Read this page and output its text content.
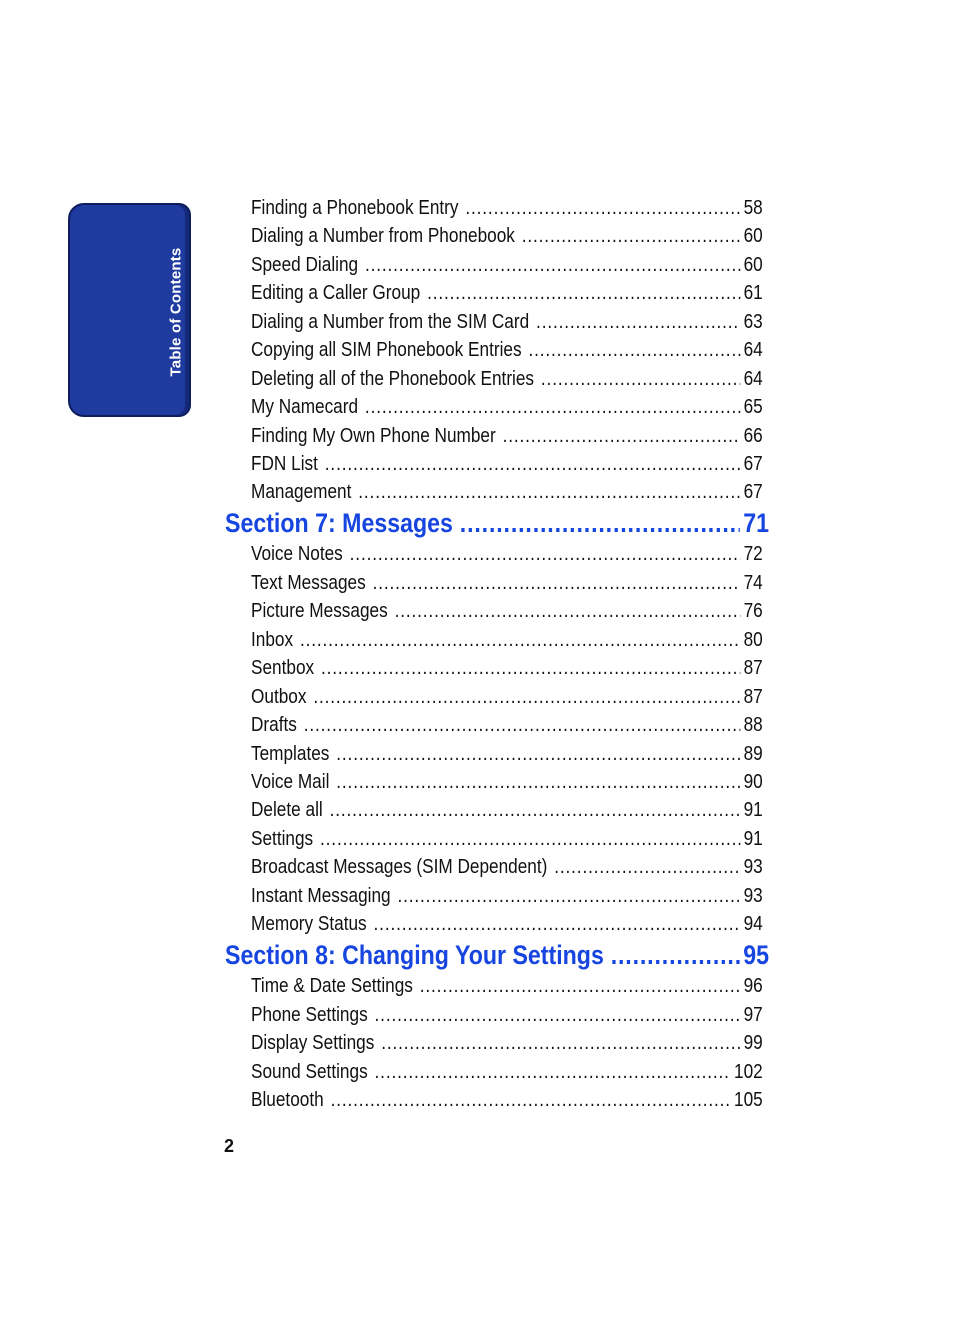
Table of Contents
Finding a Phonebook Entry .....	58
Dialing a Number from Phonebook .....	60
Speed Dialing .....	60
Editing a Caller Group .....	61
Dialing a Number from the SIM Card .....	63
Copying all SIM Phonebook Entries .....	64
Deleting all of the Phonebook Entries .....	64
My Namecard .....	65
Finding My Own Phone Number .....	66
FDN List .....	67
Management .....	67
Section 7: Messages .....	71
Voice Notes .....	72
Text Messages .....	74
Picture Messages .....	76
Inbox .....	80
Sentbox .....	87
Outbox .....	87
Drafts .....	88
Templates .....	89
Voice Mail .....	90
Delete all .....	91
Settings .....	91
Broadcast Messages (SIM Dependent) .....	93
Instant Messaging .....	93
Memory Status .....	94
Section 8: Changing Your Settings .....	95
Time & Date Settings .....	96
Phone Settings .....	97
Display Settings .....	99
Sound Settings .....	102
Bluetooth .....	105
2
